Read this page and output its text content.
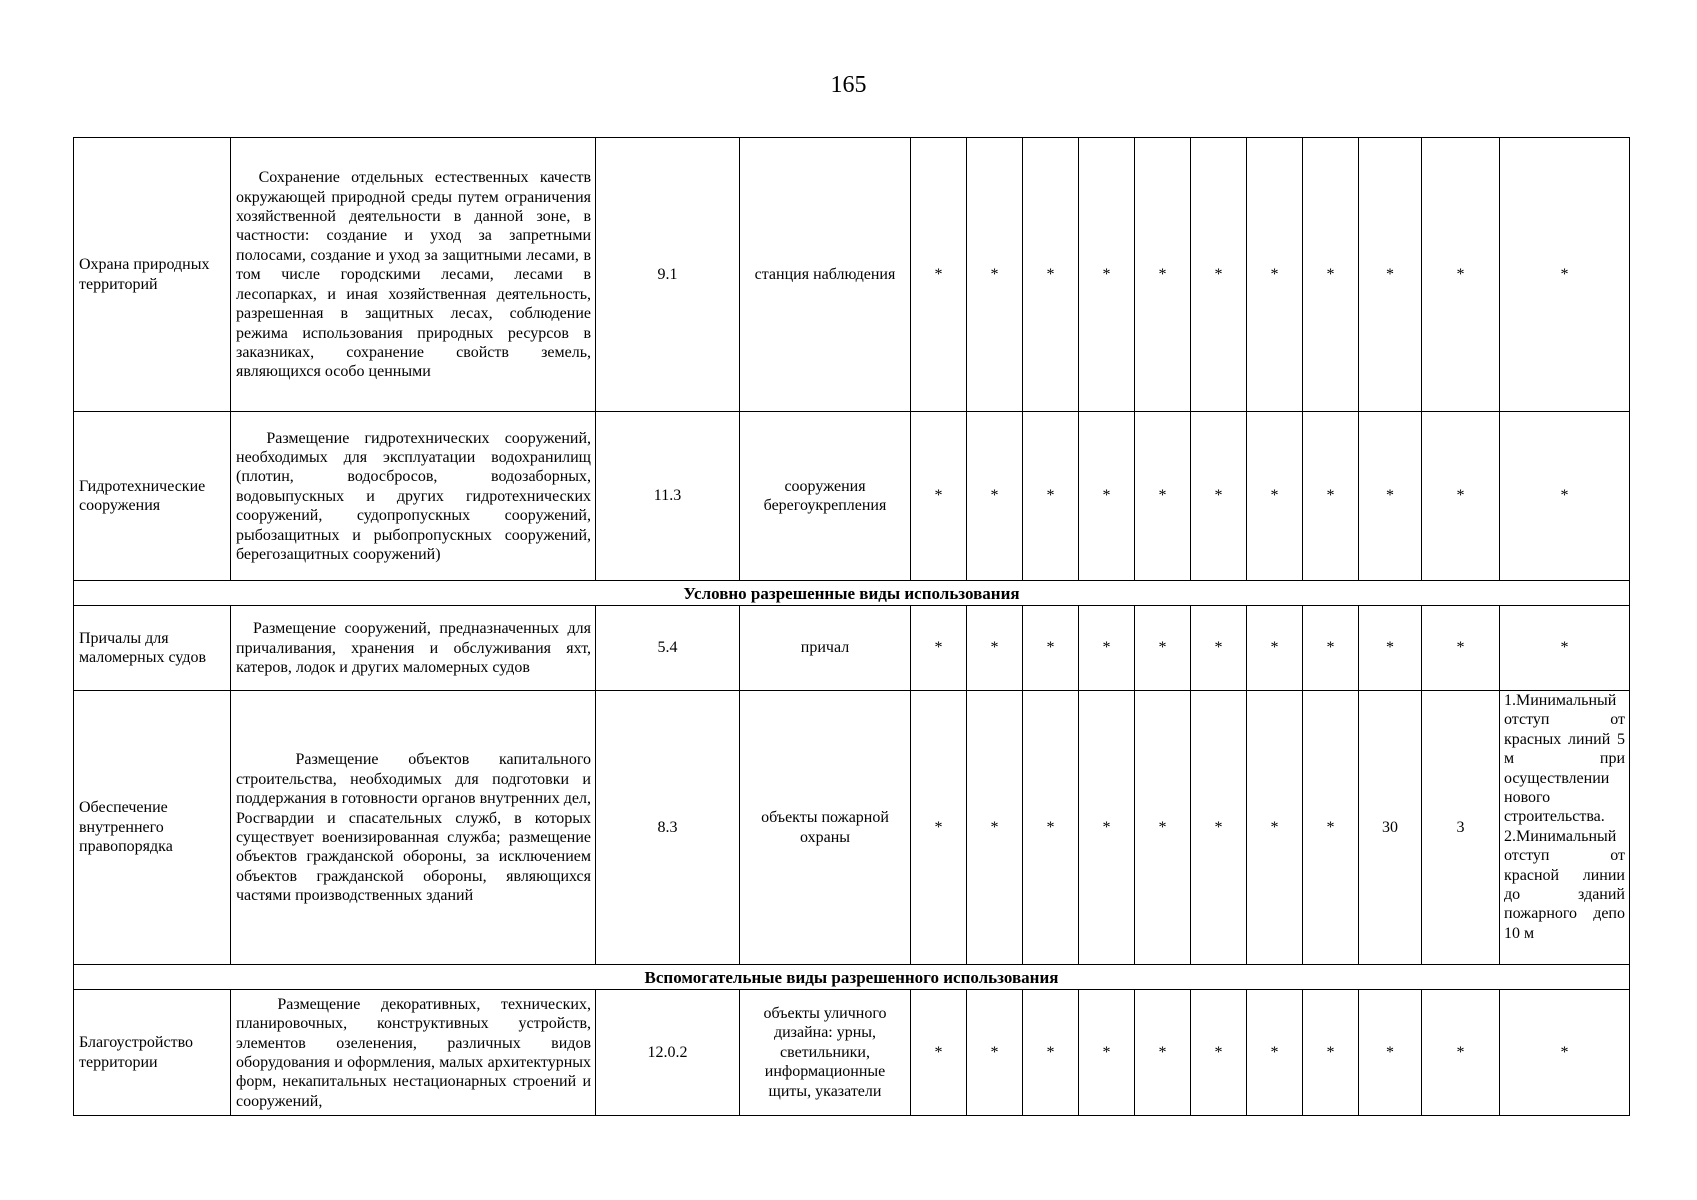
165
Охрана природных территорий	Сохранение отдельных естественных качеств окружающей природной среды путем ограничения хозяйственной деятельности в данной зоне, в частности: создание и уход за запретными полосами, создание и уход за защитными лесами, в том числе городскими лесами, лесами в лесопарках, и иная хозяйственная деятельность, разрешенная в защитных лесах, соблюдение режима использования природных ресурсов в заказниках, сохранение свойств земель, являющихся особо ценными	9.1	станция наблюдения	*	*	*	*	*	*	*	*	*	*	*
Гидротехнические сооружения	Размещение гидротехнических сооружений, необходимых для эксплуатации водохранилищ (плотин, водосбросов, водозаборных, водовыпускных и других гидротехнических сооружений, судопропускных сооружений, рыбозащитных и рыбопропускных сооружений, берегозащитных сооружений)	11.3	сооружения берегоукрепления	*	*	*	*	*	*	*	*	*	*	*
Условно разрешенные виды использования														
Причалы для маломерных судов	Размещение сооружений, предназначенных для причаливания, хранения и обслуживания яхт, катеров, лодок и других маломерных судов	5.4	причал	*	*	*	*	*	*	*	*	*	*	*
Обеспечение внутреннего правопорядка	Размещение объектов капитального строительства, необходимых для подготовки и поддержания в готовности органов внутренних дел, Росгвардии и спасательных служб, в которых существует военизированная служба; размещение объектов гражданской обороны, за исключением объектов гражданской обороны, являющихся частями производственных зданий	8.3	объекты пожарной охраны	*	*	*	*	*	*	*	*	30	3	1.Минимальный отступ от красных линий 5 м при осуществлении нового строительства. 2.Минимальный отступ от красной линии до зданий пожарного депо 10 м
Вспомогательные виды разрешенного использования														
Благоустройство территории	Размещение декоративных, технических, планировочных, конструктивных устройств, элементов озеленения, различных видов оборудования и оформления, малых архитектурных форм, некапитальных нестационарных строений и сооружений,	12.0.2	объекты уличного дизайна: урны, светильники, информационные щиты, указатели	*	*	*	*	*	*	*	*	*	*	*
